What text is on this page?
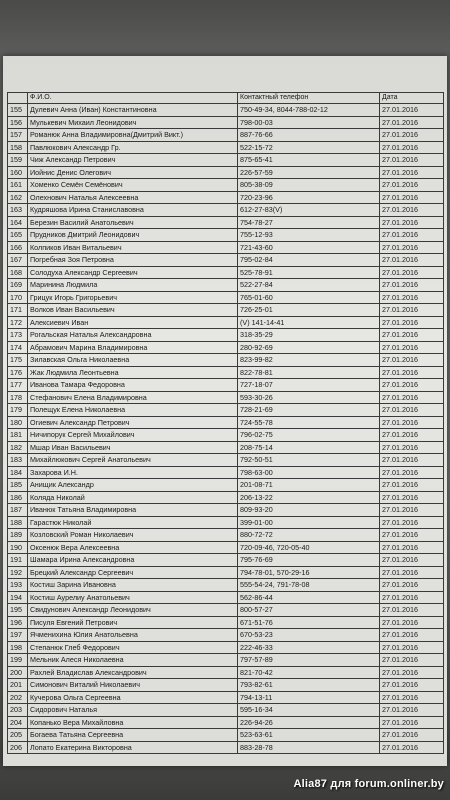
	Ф.И.О.	Контактный телефон	Дата
155	Дулевич Анна (Иван) Константиновна	750-49-34, 8044-788-02-12	27.01.2016
156	Мулькевич Михаил Леонидович	798-00-03	27.01.2016
157	Романюк Анна Владимировна(Дмитрий Викт.)	887-76-66	27.01.2016
158	Павлюкович Александр Гр.	522-15-72	27.01.2016
159	Чиж Александр Петрович	875-65-41	27.01.2016
160	Иойнис Денис Олегович	226-57-59	27.01.2016
161	Хоменко Семён Семёнович	805-38-09	27.01.2016
162	Олехнович Наталья Алексеевна	720-23-96	27.01.2016
163	Кудряшова Ирина Станиславовна	612-27-83(V)	27.01.2016
164	Березин Василий Анатольевич	754-78-27	27.01.2016
165	Прудников Дмитрий Леонидович	755-12-93	27.01.2016
166	Колпиков Иван Витальевич	721-43-60	27.01.2016
167	Погребная Зоя Петровна	795-02-84	27.01.2016
168	Солодуха Александр Сергеевич	525-78-91	27.01.2016
169	Маринина Людмила	522-27-84	27.01.2016
170	Грицук Игорь Григорьевич	765-01-60	27.01.2016
171	Волков Иван Васильевич	726-25-01	27.01.2016
172	Алексиевич Иван	(V) 141-14-41	27.01.2016
173	Рогальская Наталья Александровна	318-35-29	27.01.2016
174	Абрамович Марина Владимировна	280-92-69	27.01.2016
175	Зилавская Ольга Николаевна	823-99-82	27.01.2016
176	Жак Людмила Леонтьевна	822-78-81	27.01.2016
177	Иванова Тамара Федоровна	727-18-07	27.01.2016
178	Стефанович Елена Владимировна	593-30-26	27.01.2016
179	Полещук Елена Николаевна	728-21-69	27.01.2016
180	Огиевич Александр Петрович	724-55-78	27.01.2016
181	Ничипорук Сергей Михайлович	796-02-75	27.01.2016
182	Мшар Иван Васильевич	208-75-14	27.01.2016
183	Михайлюкович Сергей Анатольевич	792-50-51	27.01.2016
184	Захарова И.Н.	798-63-00	27.01.2016
185	Анищик Александр	201-08-71	27.01.2016
186	Коляда Николай	206-13-22	27.01.2016
187	Иванюк Татьяна Владимировна	809-93-20	27.01.2016
188	Гарастюк Николай	399-01-00	27.01.2016
189	Козловский Роман Николаевич	880-72-72	27.01.2016
190	Оксенюк Вера Алексеевна	720-09-46, 720-05-40	27.01.2016
191	Шамара Ирина Александровна	795-76-69	27.01.2016
192	Брецкий Александр Сергеевич	794-78-01, 570-29-16	27.01.2016
193	Костиш Зарина Ивановна	555-54-24, 791-78-08	27.01.2016
194	Костиш Аурелиу Анатольевич	562-86-44	27.01.2016
195	Свидунович Александр Леонидович	800-57-27	27.01.2016
196	Писуля Евгений Петрович	671-51-76	27.01.2016
197	Ячменихина Юлия Анатольевна	670-53-23	27.01.2016
198	Степанюк Глеб Федорович	222-46-33	27.01.2016
199	Мельник Алеся Николаевна	797-57-89	27.01.2016
200	Рахлей Владислав Александрович	821-70-42	27.01.2016
201	Симонович Виталий Николаевич	793-82-61	27.01.2016
202	Кучерова Ольга Сергеевна	794-13-11	27.01.2016
203	Сидорович Наталья	595-16-34	27.01.2016
204	Копанько Вера Михайловна	226-94-26	27.01.2016
205	Богаева Татьяна Сергеевна	523-63-61	27.01.2016
206	Лопато Екатерина Викторовна	883-28-78	27.01.2016
Alia87 для forum.onliner.by
